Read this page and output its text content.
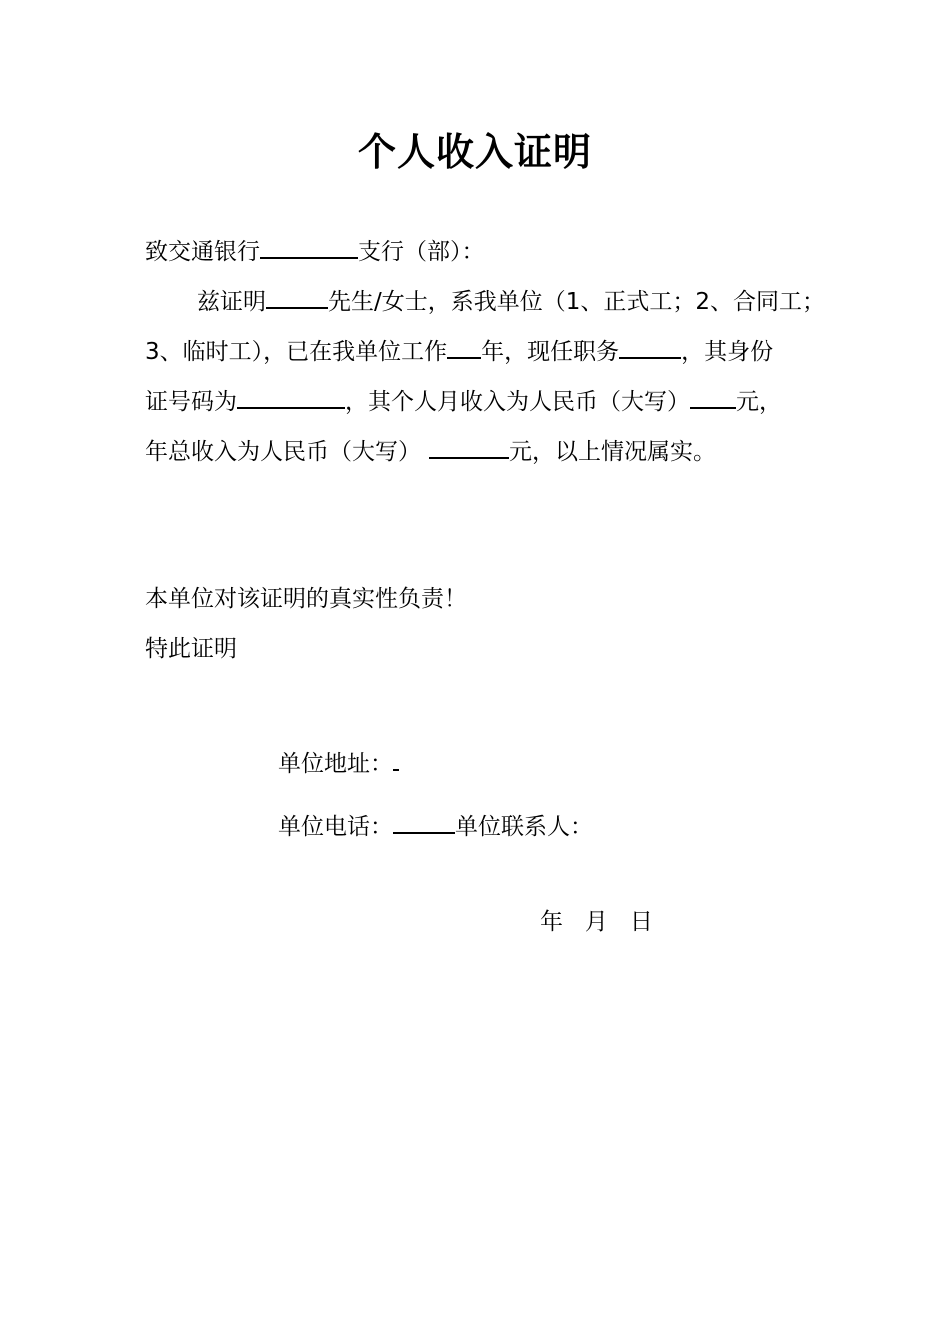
个人收入证明
致交通银行	支行（部）：
兹证明	先生/女士，系我单位（1、正式工；2、合同工；
3、临时工），已在我单位工作 年，现任职务	，其身份
证号码为	，其个人月收入为人民币（大写） 元，
年总收入为人民币（大写）	元，以上情况属实。
本单位对该证明的真实性负责！
特此证明
单位地址：
单位电话：	单位联系人：
年   月   日
